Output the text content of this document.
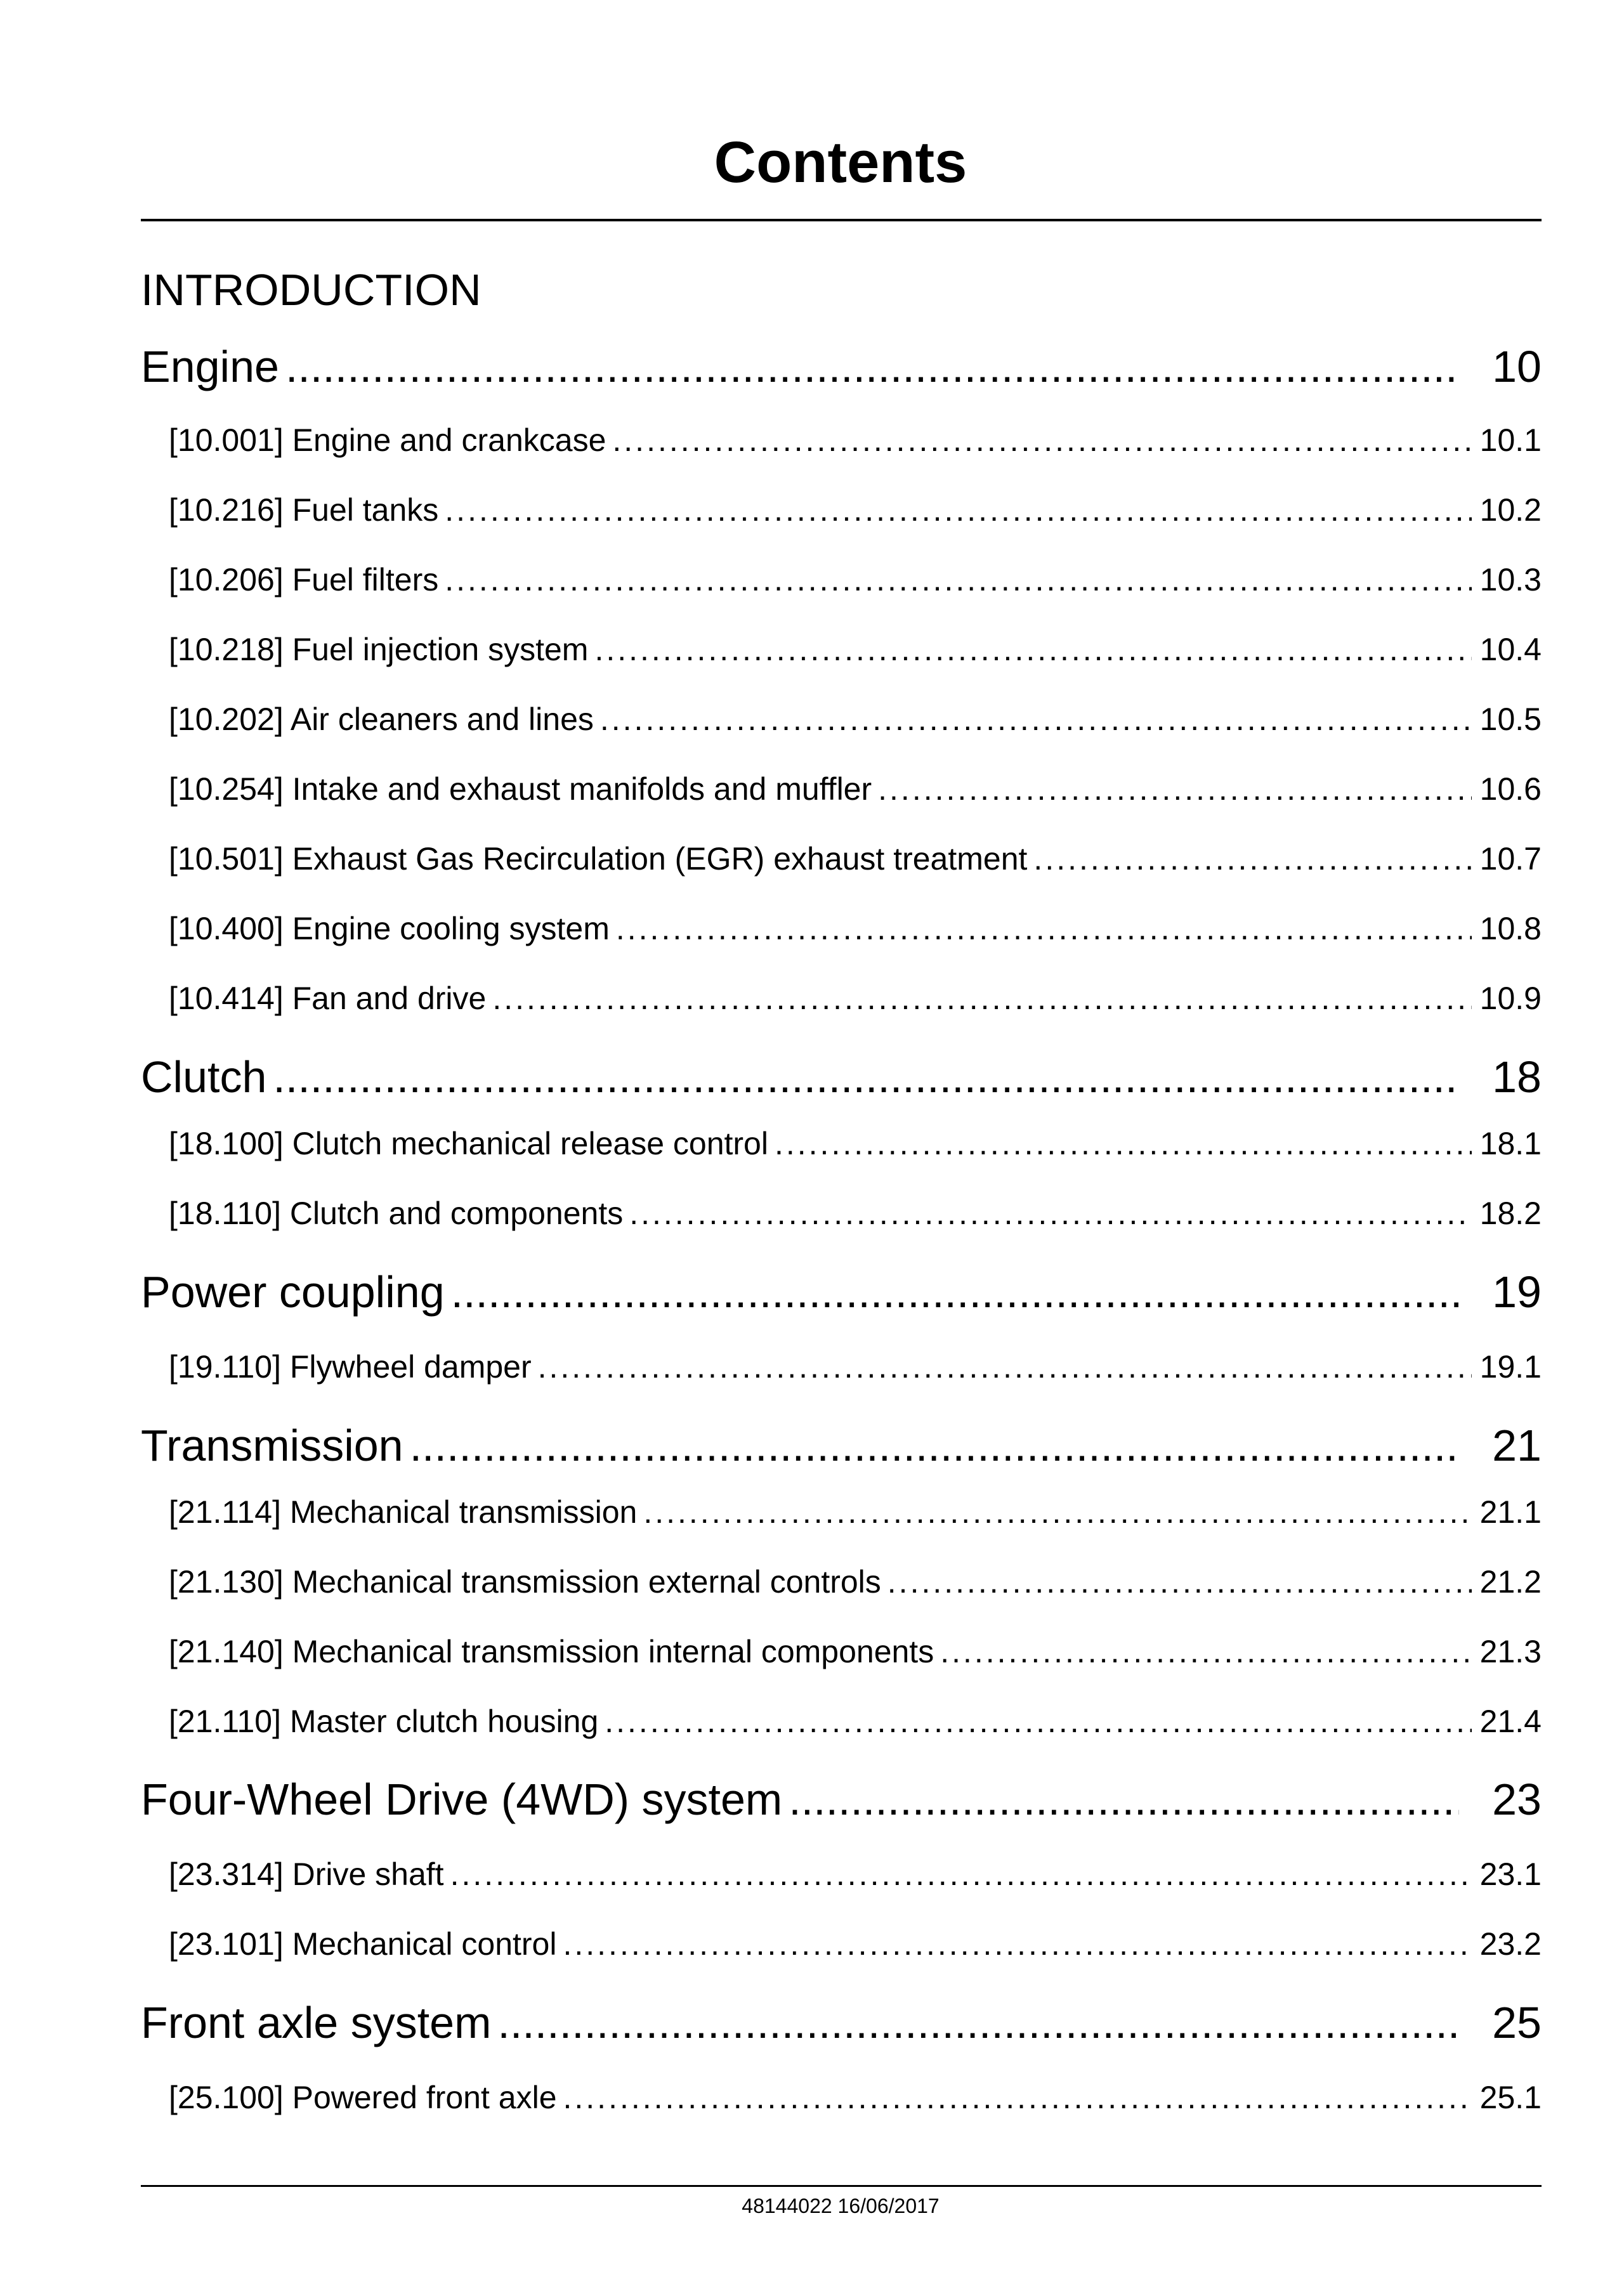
Contents
INTRODUCTION
Engine .....	10
[10.001] Engine and crankcase .....	10.1
[10.216] Fuel tanks .....	10.2
[10.206] Fuel filters .....	10.3
[10.218] Fuel injection system .....	10.4
[10.202] Air cleaners and lines .....	10.5
[10.254] Intake and exhaust manifolds and muffler .....	10.6
[10.501] Exhaust Gas Recirculation (EGR) exhaust treatment .....	10.7
[10.400] Engine cooling system .....	10.8
[10.414] Fan and drive .....	10.9
Clutch .....	18
[18.100] Clutch mechanical release control .....	18.1
[18.110] Clutch and components .....	18.2
Power coupling .....	19
[19.110] Flywheel damper .....	19.1
Transmission .....	21
[21.114] Mechanical transmission .....	21.1
[21.130] Mechanical transmission external controls .....	21.2
[21.140] Mechanical transmission internal components .....	21.3
[21.110] Master clutch housing .....	21.4
Four-Wheel Drive (4WD) system .....	23
[23.314] Drive shaft .....	23.1
[23.101] Mechanical control .....	23.2
Front axle system .....	25
[25.100] Powered front axle .....	25.1
48144022 16/06/2017
